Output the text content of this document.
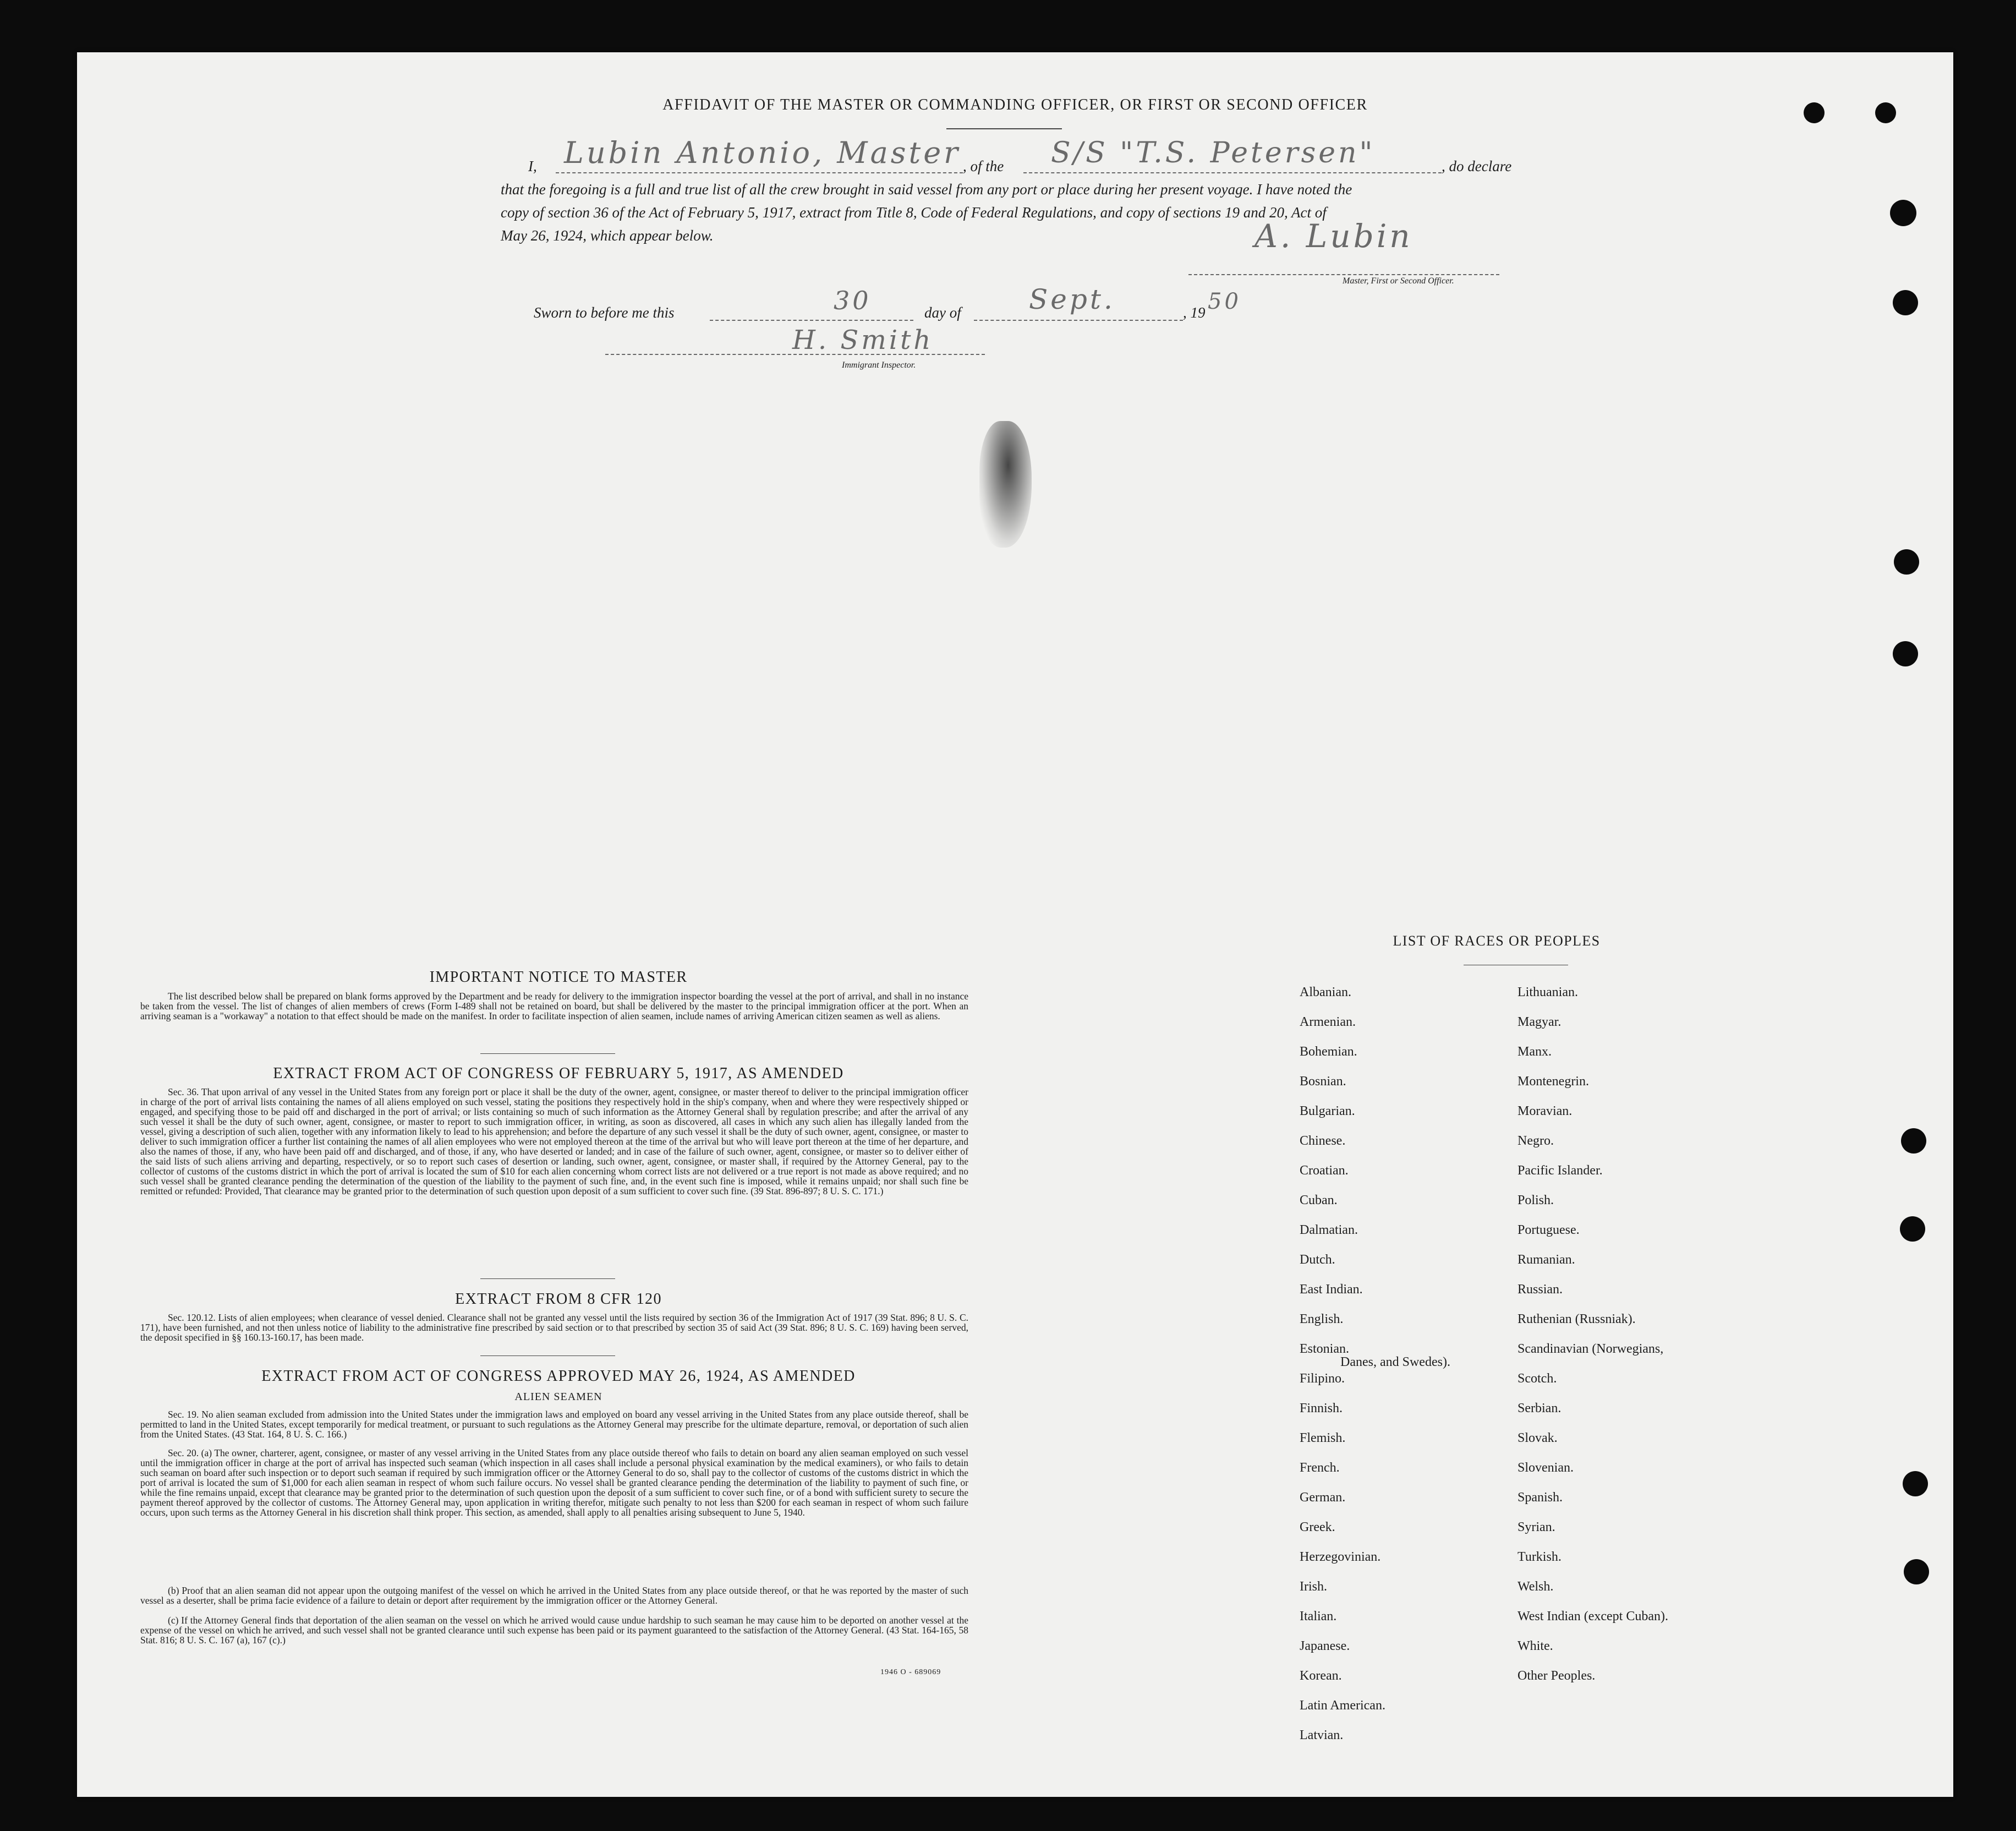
AFFIDAVIT OF THE MASTER OR COMMANDING OFFICER, OR FIRST OR SECOND OFFICER
I, Lubin Antonio, Master , of the S/S "T.S. Petersen"	, do declare
that the foregoing is a full and true list of all the crew brought in said vessel from any port or place during her present voyage. I have noted the
copy of section 36 of the Act of February 5, 1917, extract from Title 8, Code of Federal Regulations, and copy of sections 19 and 20, Act of
May 26, 1924, which appear below.	A. Lubin
Master, First or Second Officer.
Sworn to before me this	30	day of Sept.	, 19 50
H. Smith
Immigrant Inspector.
IMPORTANT NOTICE TO MASTER
The list described below shall be prepared on blank forms approved by the Department and be ready for delivery to the immigration inspector boarding the vessel at the port of arrival, and shall in no instance be taken from the vessel. The list of changes of alien members of crews (Form I-489 shall not be retained on board, but shall be delivered by the master to the principal immigration officer at the port. When an arriving seaman is a "workaway" a notation to that effect should be made on the manifest. In order to facilitate inspection of alien seamen, include names of arriving American citizen seamen as well as aliens.
EXTRACT FROM ACT OF CONGRESS OF FEBRUARY 5, 1917, AS AMENDED
Sec. 36. That upon arrival of any vessel in the United States from any foreign port or place it shall be the duty of the owner, agent, consignee, or master thereof to deliver to the principal immigration officer in charge of the port of arrival lists containing the names of all aliens employed on such vessel, stating the positions they respectively hold in the ship's company, when and where they were respectively shipped or engaged, and specifying those to be paid off and discharged in the port of arrival; or lists containing so much of such information as the Attorney General shall by regulation prescribe; and after the arrival of any such vessel it shall be the duty of such owner, agent, consignee, or master to report to such immigration officer, in writing, as soon as discovered, all cases in which any such alien has illegally landed from the vessel, giving a description of such alien, together with any information likely to lead to his apprehension; and before the departure of any such vessel it shall be the duty of such owner, agent, consignee, or master to deliver to such immigration officer a further list containing the names of all alien employees who were not employed thereon at the time of the arrival but who will leave port thereon at the time of her departure, and also the names of those, if any, who have been paid off and discharged, and of those, if any, who have deserted or landed; and in case of the failure of such owner, agent, consignee, or master so to deliver either of the said lists of such aliens arriving and departing, respectively, or so to report such cases of desertion or landing, such owner, agent, consignee, or master shall, if required by the Attorney General, pay to the collector of customs of the customs district in which the port of arrival is located the sum of $10 for each alien concerning whom correct lists are not delivered or a true report is not made as above required; and no such vessel shall be granted clearance pending the determination of the question of the liability to the payment of such fine, and, in the event such fine is imposed, while it remains unpaid; nor shall such fine be remitted or refunded: Provided, That clearance may be granted prior to the determination of such question upon deposit of a sum sufficient to cover such fine. (39 Stat. 896-897; 8 U. S. C. 171.)
EXTRACT FROM 8 CFR 120
Sec. 120.12. Lists of alien employees; when clearance of vessel denied. Clearance shall not be granted any vessel until the lists required by section 36 of the Immigration Act of 1917 (39 Stat. 896; 8 U. S. C. 171), have been furnished, and not then unless notice of liability to the administrative fine prescribed by said section or to that prescribed by section 35 of said Act (39 Stat. 896; 8 U. S. C. 169) having been served, the deposit specified in §§ 160.13-160.17, has been made.
EXTRACT FROM ACT OF CONGRESS APPROVED MAY 26, 1924, AS AMENDED
ALIEN SEAMEN
Sec. 19. No alien seaman excluded from admission into the United States under the immigration laws and employed on board any vessel arriving in the United States from any place outside thereof, shall be permitted to land in the United States, except temporarily for medical treatment, or pursuant to such regulations as the Attorney General may prescribe for the ultimate departure, removal, or deportation of such alien from the United States. (43 Stat. 164, 8 U. S. C. 166.)
Sec. 20. (a) The owner, charterer, agent, consignee, or master of any vessel arriving in the United States from any place outside thereof who fails to detain on board any alien seaman employed on such vessel until the immigration officer in charge at the port of arrival has inspected such seaman (which inspection in all cases shall include a personal physical examination by the medical examiners), or who fails to detain such seaman on board after such inspection or to deport such seaman if required by such immigration officer or the Attorney General to do so, shall pay to the collector of customs of the customs district in which the port of arrival is located the sum of $1,000 for each alien seaman in respect of whom such failure occurs. No vessel shall be granted clearance pending the determination of the liability to payment of such fine, or while the fine remains unpaid, except that clearance may be granted prior to the determination of such question upon the deposit of a sum sufficient to cover such fine, or of a bond with sufficient surety to secure the payment thereof approved by the collector of customs. The Attorney General may, upon application in writing therefor, mitigate such penalty to not less than $200 for each seaman in respect of whom such failure occurs, upon such terms as the Attorney General in his discretion shall think proper. This section, as amended, shall apply to all penalties arising subsequent to June 5, 1940.
(b) Proof that an alien seaman did not appear upon the outgoing manifest of the vessel on which he arrived in the United States from any place outside thereof, or that he was reported by the master of such vessel as a deserter, shall be prima facie evidence of a failure to detain or deport after requirement by the immigration officer or the Attorney General.
(c) If the Attorney General finds that deportation of the alien seaman on the vessel on which he arrived would cause undue hardship to such seaman he may cause him to be deported on another vessel at the expense of the vessel on which he arrived, and such vessel shall not be granted clearance until such expense has been paid or its payment guaranteed to the satisfaction of the Attorney General. (43 Stat. 164-165, 58 Stat. 816; 8 U. S. C. 167 (a), 167 (c).)
1946 O - 689069
LIST OF RACES OR PEOPLES
Albanian.
Armenian.
Bohemian.
Bosnian.
Bulgarian.
Chinese.
Croatian.
Cuban.
Dalmatian.
Dutch.
East Indian.
English.
Estonian.
Filipino.
Finnish.
Flemish.
French.
German.
Greek.
Herzegovinian.
Irish.
Italian.
Japanese.
Korean.
Latin American.
Latvian.
Lithuanian.
Magyar.
Manx.
Montenegrin.
Moravian.
Negro.
Pacific Islander.
Polish.
Portuguese.
Rumanian.
Russian.
Ruthenian (Russniak).
Scandinavian (Norwegians,
Danes, and Swedes).
Scotch.
Serbian.
Slovak.
Slovenian.
Spanish.
Syrian.
Turkish.
Welsh.
West Indian (except Cuban).
White.
Other Peoples.
